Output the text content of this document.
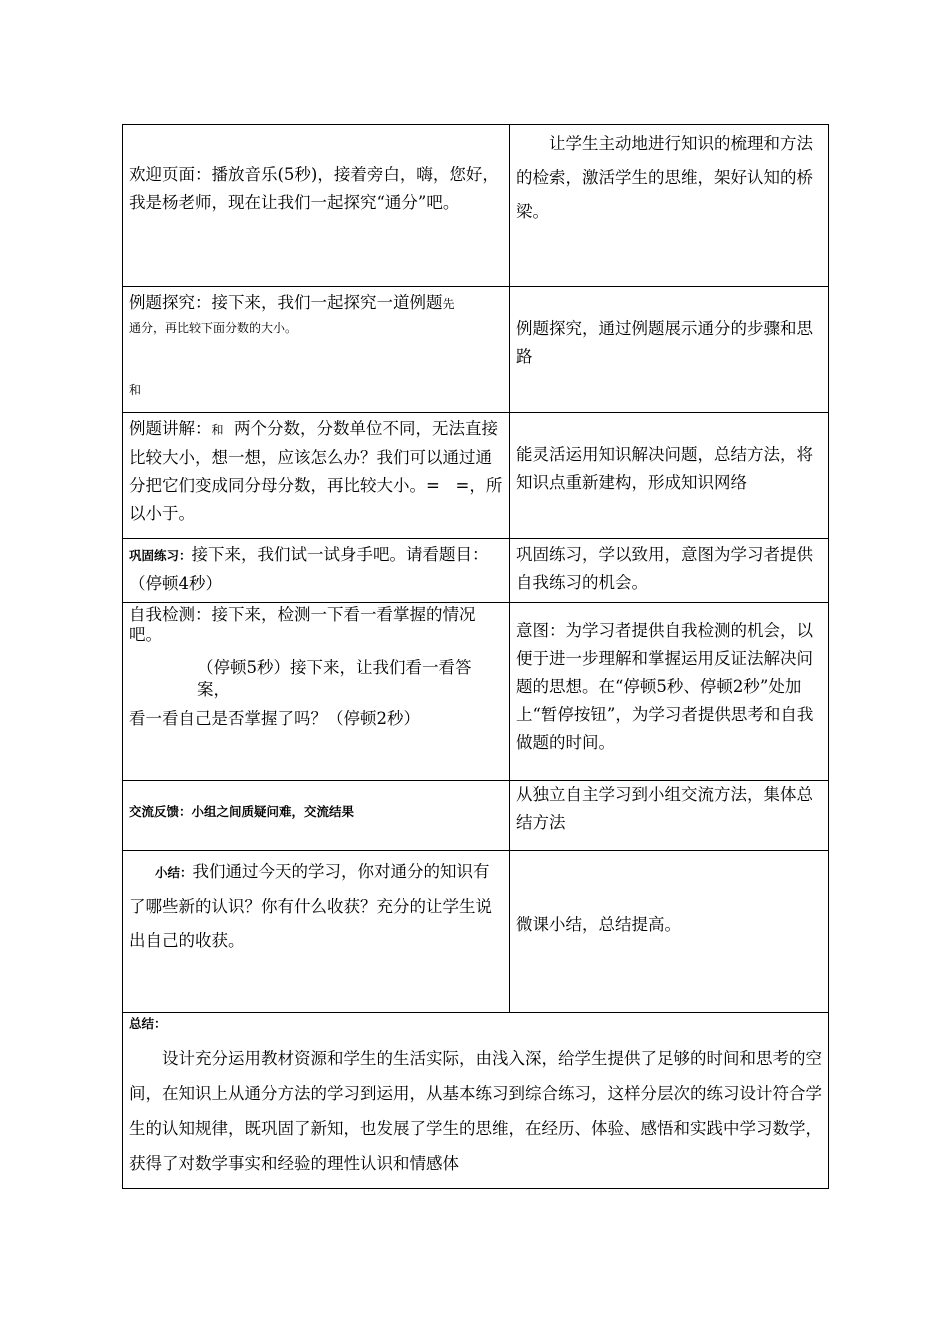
欢迎页面：播放音乐(5秒)，接着旁白，嗨，您好，我是杨老师，现在让我们一起探究“通分”吧。	让学生主动地进行知识的梳理和方法的检索，激活学生的思维，架好认知的桥梁。

例题探究：接下来，我们一起探究一道例题先
通分，再比较下面分数的大小。
和	例题探究，通过例题展示通分的步骤和思路
例题讲解：和  两个分数，分数单位不同，无法直接比较大小，想一想，应该怎么办？我们可以通过通分把它们变成同分母分数，再比较大小。=   =，所以小于。	能灵活运用知识解决问题，总结方法，将知识点重新建构，形成知识网络
巩固练习：接下来，我们试一试身手吧。请看题目：（停顿4秒）	巩固练习，学以致用，意图为学习者提供自我练习的机会。

自我检测：接下来，检测一下看一看掌握的情况吧。
（停顿5秒）接下来，让我们看一看答案，
看一看自己是否掌握了吗？（停顿2秒）	意图：为学习者提供自我检测的机会，以便于进一步理解和掌握运用反证法解决问题的思想。在“停顿5秒、停顿2秒”处加上“暂停按钮”，为学习者提供思考和自我做题的时间。
交流反馈：小组之间质疑问难，交流结果	从独立自主学习到小组交流方法，集体总结方法
小结：我们通过今天的学习，你对通分的知识有了哪些新的认识？你有什么收获？充分的让学生说出自己的收获。	微课小结，总结提高。

总结：
设计充分运用教材资源和学生的生活实际，由浅入深，给学生提供了足够的时间和思考的空间，在知识上从通分方法的学习到运用，从基本练习到综合练习，这样分层次的练习设计符合学生的认知规律，既巩固了新知，也发展了学生的思维，在经历、体验、感悟和实践中学习数学，获得了对数学事实和经验的理性认识和情感体	
